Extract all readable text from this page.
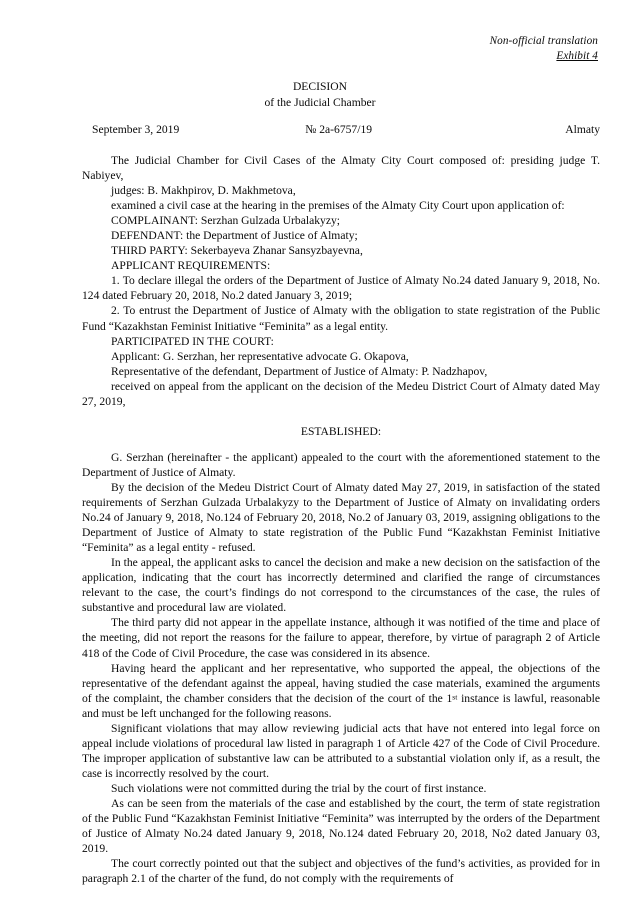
Non-official translation
Exhibit 4
DECISION
of the Judicial Chamber
September 3, 2019	№ 2a-6757/19	Almaty

The Judicial Chamber for Civil Cases of the Almaty City Court composed of: presiding judge T. Nabiyev,

judges: B. Makhpirov, D. Makhmetova,

examined a civil case at the hearing in the premises of the Almaty City Court upon application of:

COMPLAINANT: Serzhan Gulzada Urbalakyzy;

DEFENDANT: the Department of Justice of Almaty;

THIRD PARTY: Sekerbayeva Zhanar Sansyzbayevna,

APPLICANT REQUIREMENTS:

1. To declare illegal the orders of the Department of Justice of Almaty No.24 dated January 9, 2018, No. 124 dated February 20, 2018, No.2 dated January 3, 2019;

2. To entrust the Department of Justice of Almaty with the obligation to state registration of the Public Fund “Kazakhstan Feminist Initiative “Feminita” as a legal entity.

PARTICIPATED IN THE COURT:

Applicant: G. Serzhan, her representative advocate G. Okapova,

Representative of the defendant, Department of Justice of Almaty: P. Nadzhapov,

received on appeal from the applicant on the decision of the Medeu District Court of Almaty dated May 27, 2019,

ESTABLISHED:

G. Serzhan (hereinafter - the applicant) appealed to the court with the aforementioned statement to the Department of Justice of Almaty.

By the decision of the Medeu District Court of Almaty dated May 27, 2019, in satisfaction of the stated requirements of Serzhan Gulzada Urbalakyzy to the Department of Justice of Almaty on invalidating orders No.24 of January 9, 2018, No.124 of February 20, 2018, No.2 of January 03, 2019, assigning obligations to the Department of Justice of Almaty to state registration of the Public Fund “Kazakhstan Feminist Initiative “Feminita” as a legal entity - refused.

In the appeal, the applicant asks to cancel the decision and make a new decision on the satisfaction of the application, indicating that the court has incorrectly determined and clarified the range of circumstances relevant to the case, the court’s findings do not correspond to the circumstances of the case, the rules of substantive and procedural law are violated.

The third party did not appear in the appellate instance, although it was notified of the time and place of the meeting, did not report the reasons for the failure to appear, therefore, by virtue of paragraph 2 of Article 418 of the Code of Civil Procedure, the case was considered in its absence.

Having heard the applicant and her representative, who supported the appeal, the objections of the representative of the defendant against the appeal, having studied the case materials, examined the arguments of the complaint, the chamber considers that the decision of the court of the 1st instance is lawful, reasonable and must be left unchanged for the following reasons.

Significant violations that may allow reviewing judicial acts that have not entered into legal force on appeal include violations of procedural law listed in paragraph 1 of Article 427 of the Code of Civil Procedure. The improper application of substantive law can be attributed to a substantial violation only if, as a result, the case is incorrectly resolved by the court.

Such violations were not committed during the trial by the court of first instance.

As can be seen from the materials of the case and established by the court, the term of state registration of the Public Fund “Kazakhstan Feminist Initiative “Feminita” was interrupted by the orders of the Department of Justice of Almaty No.24 dated January 9, 2018, No.124 dated February 20, 2018, No2 dated January 03, 2019.

The court correctly pointed out that the subject and objectives of the fund’s activities, as provided for in paragraph 2.1 of the charter of the fund, do not comply with the requirements of
